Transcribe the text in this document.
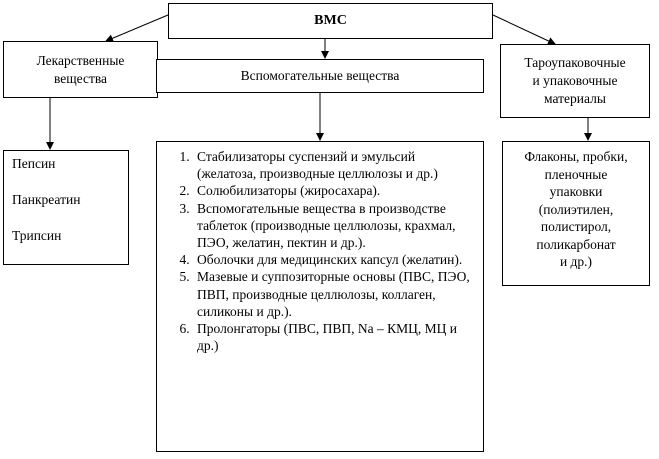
ВМС
Лекарственные
вещества	Вспомогательные вещества
Тароупаковочные
и упаковочные
материалы
Пепсин
Панкреатин
Трипсин
1. Стабилизаторы суспензий и эмульсий (желатоза, производные целлюлозы и др.)
2. Солюбилизаторы (жиросахара).
3. Вспомогательные вещества в производстве таблеток (производные целлюлозы, крахмал, ПЭО, желатин, пектин и др.).
4. Оболочки для медицинских капсул (желатин).
5. Мазевые и суппозиторные основы (ПВС, ПЭО, ПВП, производные целлюлозы, коллаген, силиконы и др.).
6. Пролонгаторы (ПВС, ПВП, Na – КМЦ, МЦ и др.)
Флаконы, пробки,
пленочные
упаковки
(полиэтилен,
полистирол,
поликарбонат
и др.)
